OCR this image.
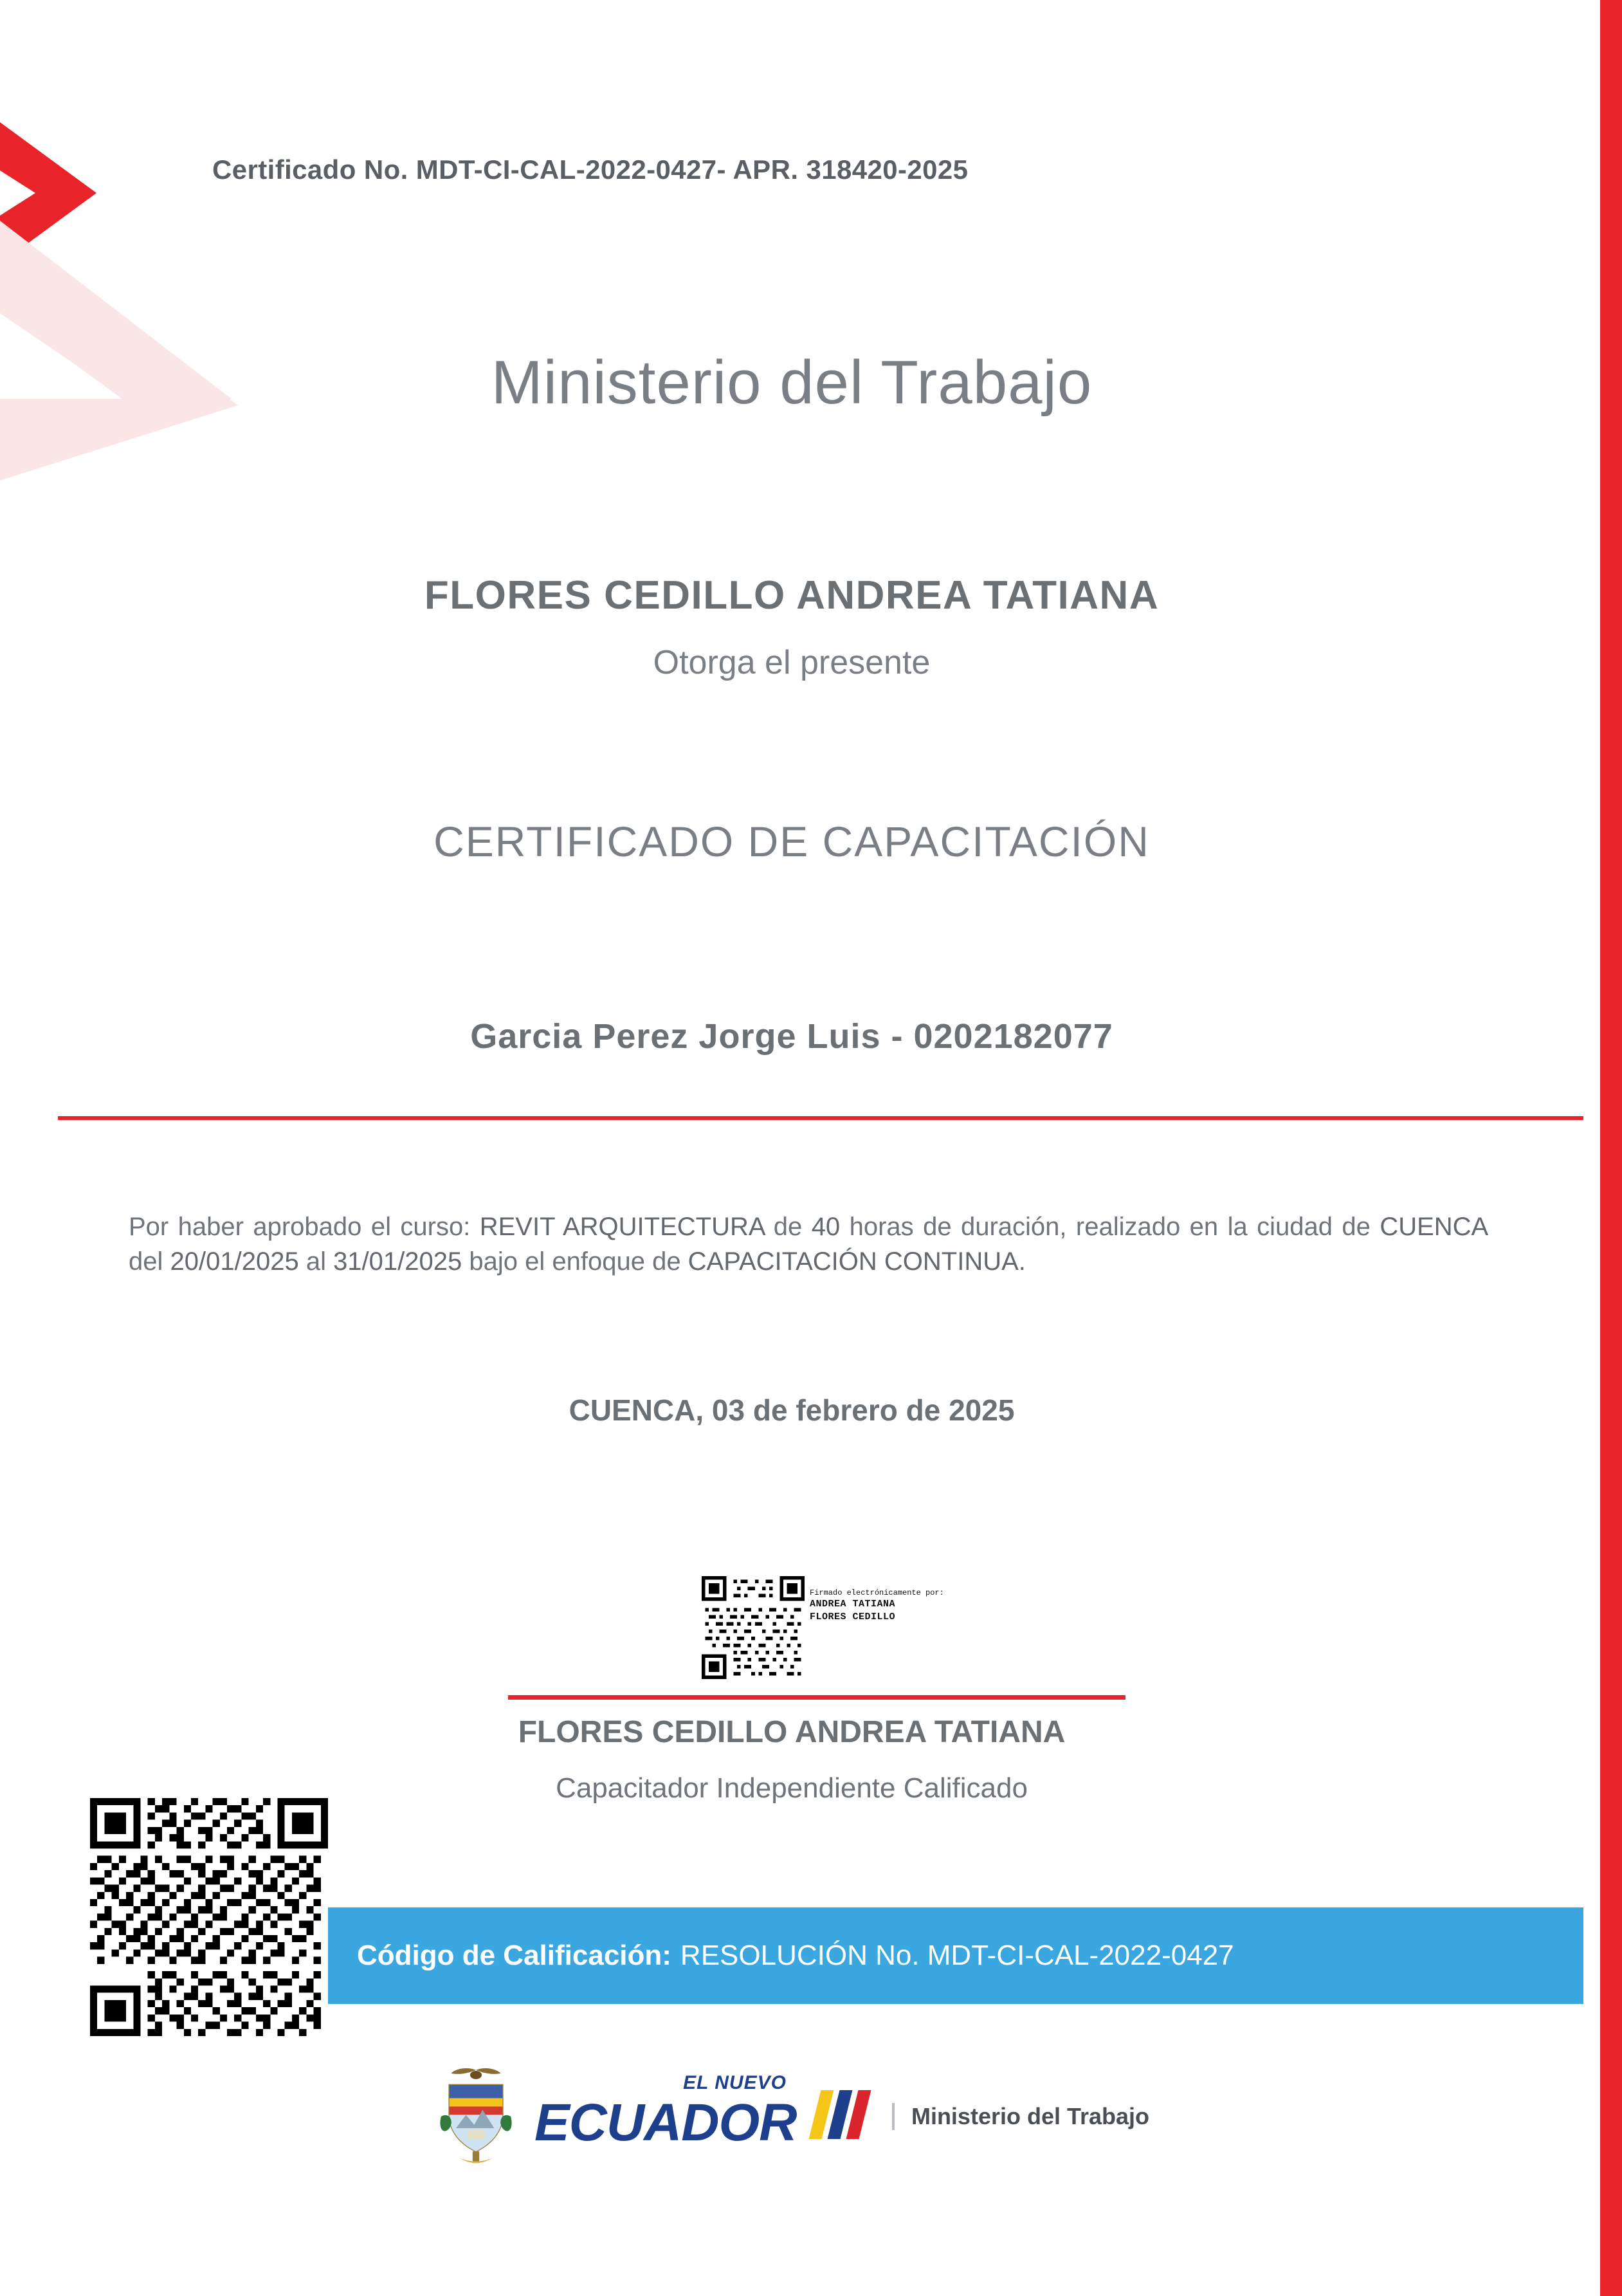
Certificado No. MDT-CI-CAL-2022-0427- APR. 318420-2025
Ministerio del Trabajo
FLORES CEDILLO ANDREA TATIANA
Otorga el presente
CERTIFICADO DE CAPACITACIÓN
Garcia Perez Jorge Luis - 0202182077
Por haber aprobado el curso: REVIT ARQUITECTURA de 40 horas de duración, realizado en la ciudad de CUENCA del 20/01/2025 al 31/01/2025 bajo el enfoque de CAPACITACIÓN CONTINUA.
CUENCA, 03 de febrero de 2025
Firmado electrónicamente por:
ANDREA TATIANA
FLORES CEDILLO
FLORES CEDILLO ANDREA TATIANA
Capacitador Independiente Calificado
Código de Calificación: RESOLUCIÓN No. MDT-CI-CAL-2022-0427
EL NUEVO
ECUADOR	Ministerio del Trabajo
